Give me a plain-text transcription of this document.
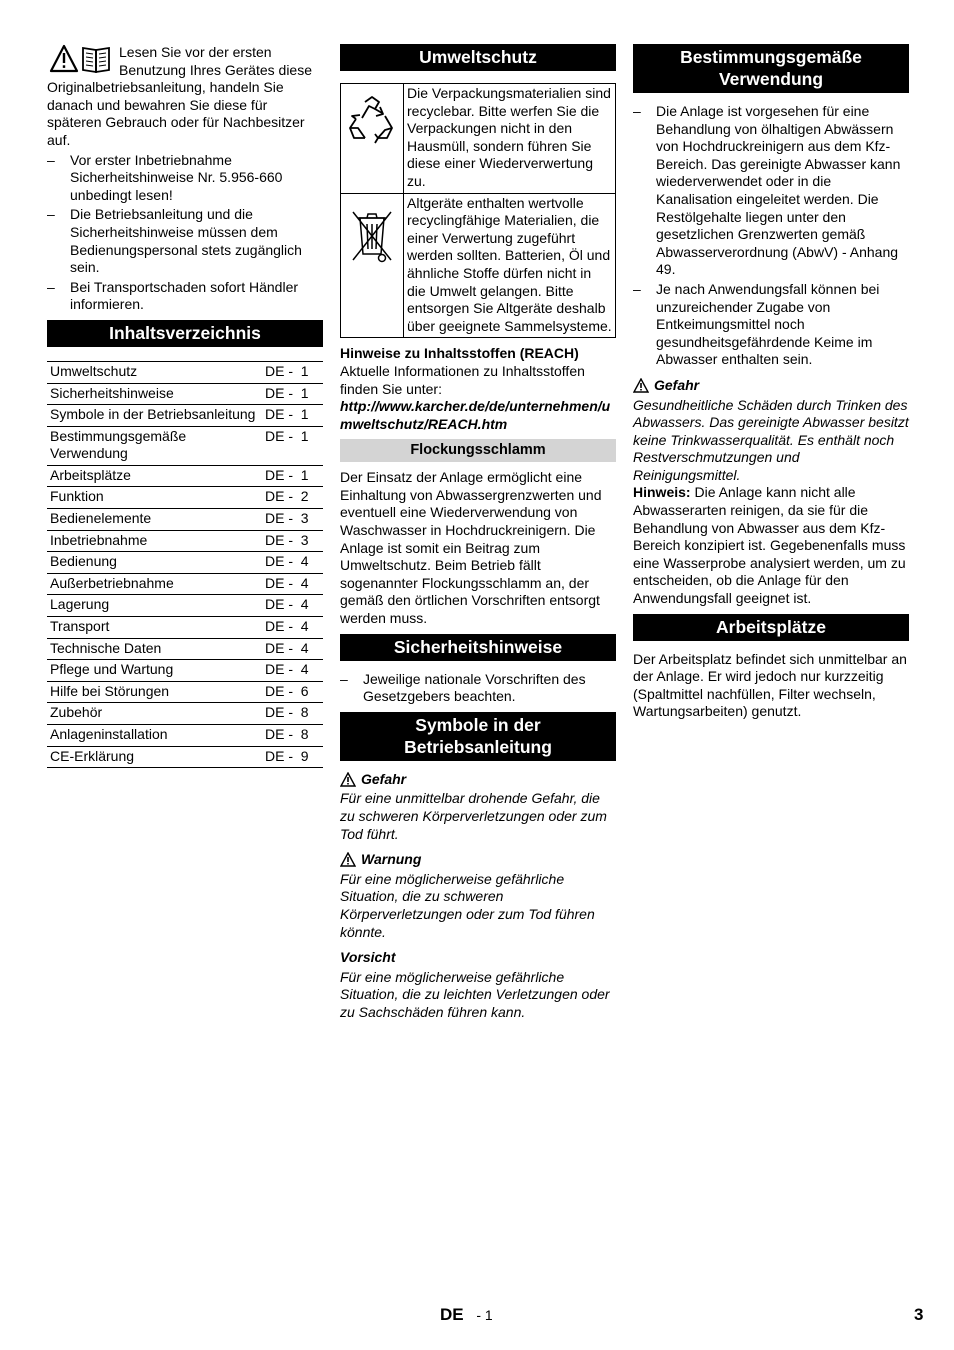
Lesen Sie vor der ersten Benutzung Ihres Gerätes diese Originalbetriebsanleitung, handeln Sie danach und bewahren Sie diese für späteren Gebrauch oder für Nachbesitzer auf.

– Vor erster Inbetriebnahme Sicherheitshinweise Nr. 5.956-660 unbedingt lesen!
– Die Betriebsanleitung und die Sicherheitshinweise müssen dem Bedienungspersonal stets zugänglich sein.
– Bei Transportschaden sofort Händler informieren.
Inhaltsverzeichnis
Umweltschutz	DE -  1
Sicherheitshinweise	DE -  1
Symbole in der Betriebsanleitung	DE -  1
Bestimmungsgemäße Verwendung	DE -  1
Arbeitsplätze	DE -  1
Funktion	DE -  2
Bedienelemente	DE -  3
Inbetriebnahme	DE -  3
Bedienung	DE -  4
Außerbetriebnahme	DE -  4
Lagerung	DE -  4
Transport	DE -  4
Technische Daten	DE -  4
Pflege und Wartung	DE -  4
Hilfe bei Störungen	DE -  6
Zubehör	DE -  8
Anlageninstallation	DE -  8
CE-Erklärung	DE -  9
Umweltschutz
	Die Verpackungsmaterialien sind recyclebar. Bitte werfen Sie die Verpackungen nicht in den Hausmüll, sondern führen Sie diese einer Wiederverwertung zu.
	Altgeräte enthalten wertvolle recyclingfähige Materialien, die einer Verwertung zugeführt werden sollten. Batterien, Öl und ähnliche Stoffe dürfen nicht in die Umwelt gelangen. Bitte entsorgen Sie Altgeräte deshalb über geeignete Sammelsysteme.

Hinweise zu Inhaltsstoffen (REACH)

Aktuelle Informationen zu Inhaltsstoffen finden Sie unter:

http://www.karcher.de/de/unternehmen/umweltschutz/REACH.htm

Flockungsschlamm

Der Einsatz der Anlage ermöglicht eine Einhaltung von Abwassergrenzwerten und eventuell eine Wiederverwendung von Waschwasser in Hochdruckreinigern. Die Anlage ist somit ein Beitrag zum Umweltschutz. Beim Betrieb fällt sogenannter Flockungsschlamm an, der gemäß den örtlichen Vorschriften entsorgt werden muss.

Sicherheitshinweise
– Jeweilige nationale Vorschriften des Gesetzgebers beachten.
Symbole in der Betriebsanleitung
Gefahr

Für eine unmittelbar drohende Gefahr, die zu schweren Körperverletzungen oder zum Tod führt.

Warnung

Für eine möglicherweise gefährliche Situation, die zu schweren Körperverletzungen oder zum Tod führen könnte.

Vorsicht

Für eine möglicherweise gefährliche Situation, die zu leichten Verletzungen oder zu Sachschäden führen kann.

Bestimmungsgemäße Verwendung
– Die Anlage ist vorgesehen für eine Behandlung von ölhaltigen Abwässern von Hochdruckreinigern aus dem Kfz-Bereich. Das gereinigte Abwasser kann wiederverwendet oder in die Kanalisation eingeleitet werden. Die Restölgehalte liegen unter den gesetzlichen Grenzwerten gemäß Abwasserverordnung (AbwV) - Anhang 49.
– Je nach Anwendungsfall können bei unzureichender Zugabe von Entkeimungsmittel noch gesundheitsgefährdende Keime im Abwasser enthalten sein.
Gefahr

Gesundheitliche Schäden durch Trinken des Abwassers. Das gereinigte Abwasser besitzt keine Trinkwasserqualität. Es enthält noch Restverschmutzungen und Reinigungsmittel.

Hinweis: Die Anlage kann nicht alle Abwasserarten reinigen, da sie für die Behandlung von Abwasser aus dem Kfz-Bereich konzipiert ist. Gegebenenfalls muss eine Wasserprobe analysiert werden, um zu entscheiden, ob die Anlage für den Anwendungsfall geeignet ist.

Arbeitsplätze

Der Arbeitsplatz befindet sich unmittelbar an der Anlage. Er wird jedoch nur kurzzeitig (Spaltmittel nachfüllen, Filter wechseln, Wartungsarbeiten) genutzt.

DE - 1	3
